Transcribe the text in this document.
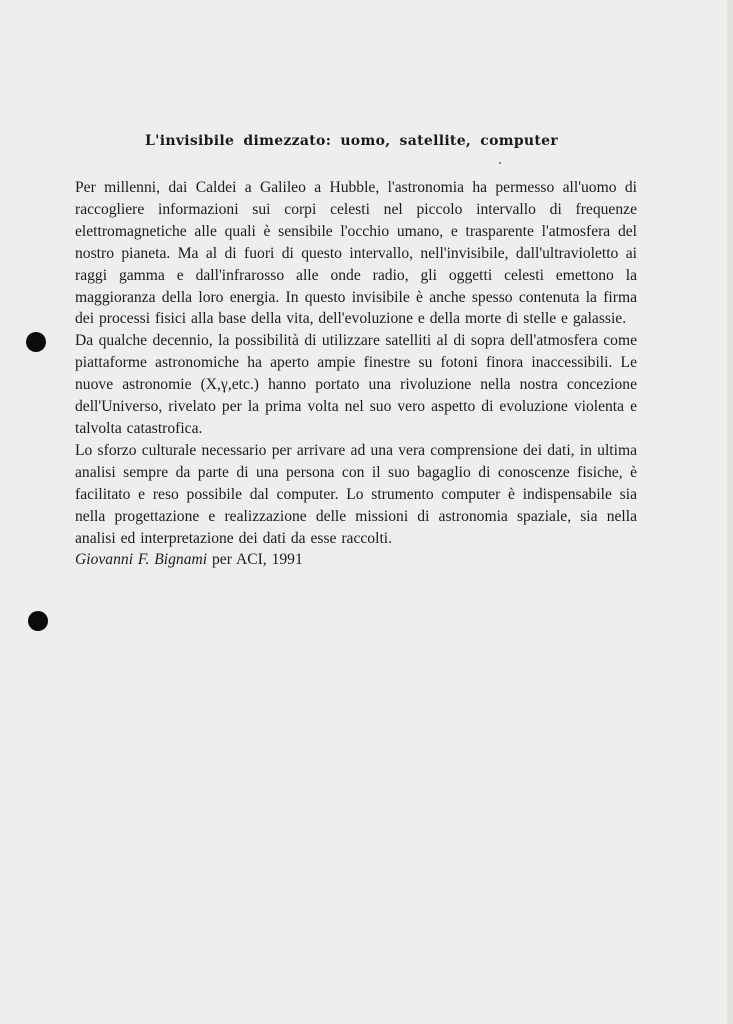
L'invisibile dimezzato: uomo, satellite, computer

Per millenni, dai Caldei a Galileo a Hubble, l'astronomia ha permesso all'uomo di raccogliere informazioni sui corpi celesti nel piccolo intervallo di frequenze elettromagnetiche alle quali è sensibile l'occhio umano, e trasparente l'atmosfera del nostro pianeta. Ma al di fuori di questo intervallo, nell'invisibile, dall'ultravioletto ai raggi gamma e dall'infrarosso alle onde radio, gli oggetti celesti emettono la maggioranza della loro energia. In questo invisibile è anche spesso contenuta la firma dei processi fisici alla base della vita, dell'evoluzione e della morte di stelle e galassie.

Da qualche decennio, la possibilità di utilizzare satelliti al di sopra dell'atmosfera come piattaforme astronomiche ha aperto ampie finestre su fotoni finora inaccessibili. Le nuove astronomie (X,γ,etc.) hanno portato una rivoluzione nella nostra concezione dell'Universo, rivelato per la prima volta nel suo vero aspetto di evoluzione violenta e talvolta catastrofica.

Lo sforzo culturale necessario per arrivare ad una vera comprensione dei dati, in ultima analisi sempre da parte di una persona con il suo bagaglio di conoscenze fisiche, è facilitato e reso possibile dal computer. Lo strumento computer è indispensabile sia nella progettazione e realizzazione delle missioni di astronomia spaziale, sia nella analisi ed interpretazione dei dati da esse raccolti.

Giovanni F. Bignami per ACI, 1991
